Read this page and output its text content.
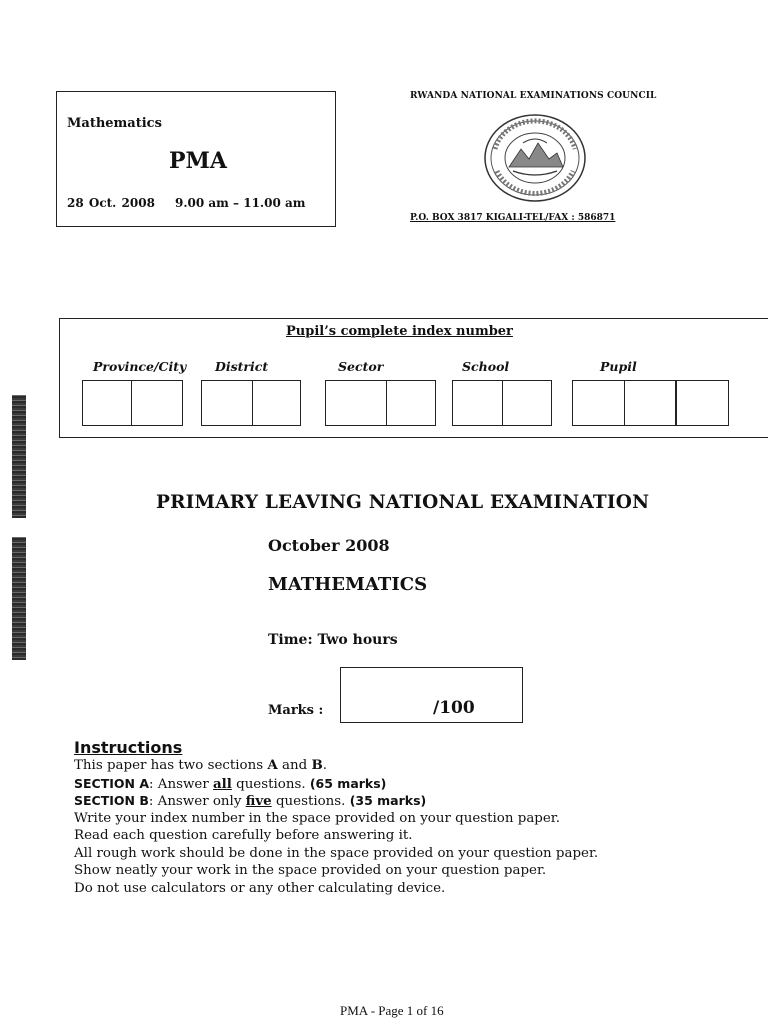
Mathematics
PMA
28 Oct. 2008 9.00 am – 11.00 am
RWANDA NATIONAL EXAMINATIONS COUNCIL
P.O. BOX 3817 KIGALI-TEL/FAX : 586871
Pupil’s complete index number
Province/City District	Sector	School	Pupil
PRIMARY LEAVING NATIONAL EXAMINATION
October 2008
MATHEMATICS
Time: Two hours
Marks :	/100
Instructions
This paper has two sections A and B.
SECTION A: Answer all questions. (65 marks)
SECTION B: Answer only five questions. (35 marks)
Write your index number in the space provided on your question paper.
Read each question carefully before answering it.
All rough work should be done in the space provided on your question paper.
Show neatly your work in the space provided on your question paper.
Do not use calculators or any other calculating device.
PMA - Page 1 of 16
